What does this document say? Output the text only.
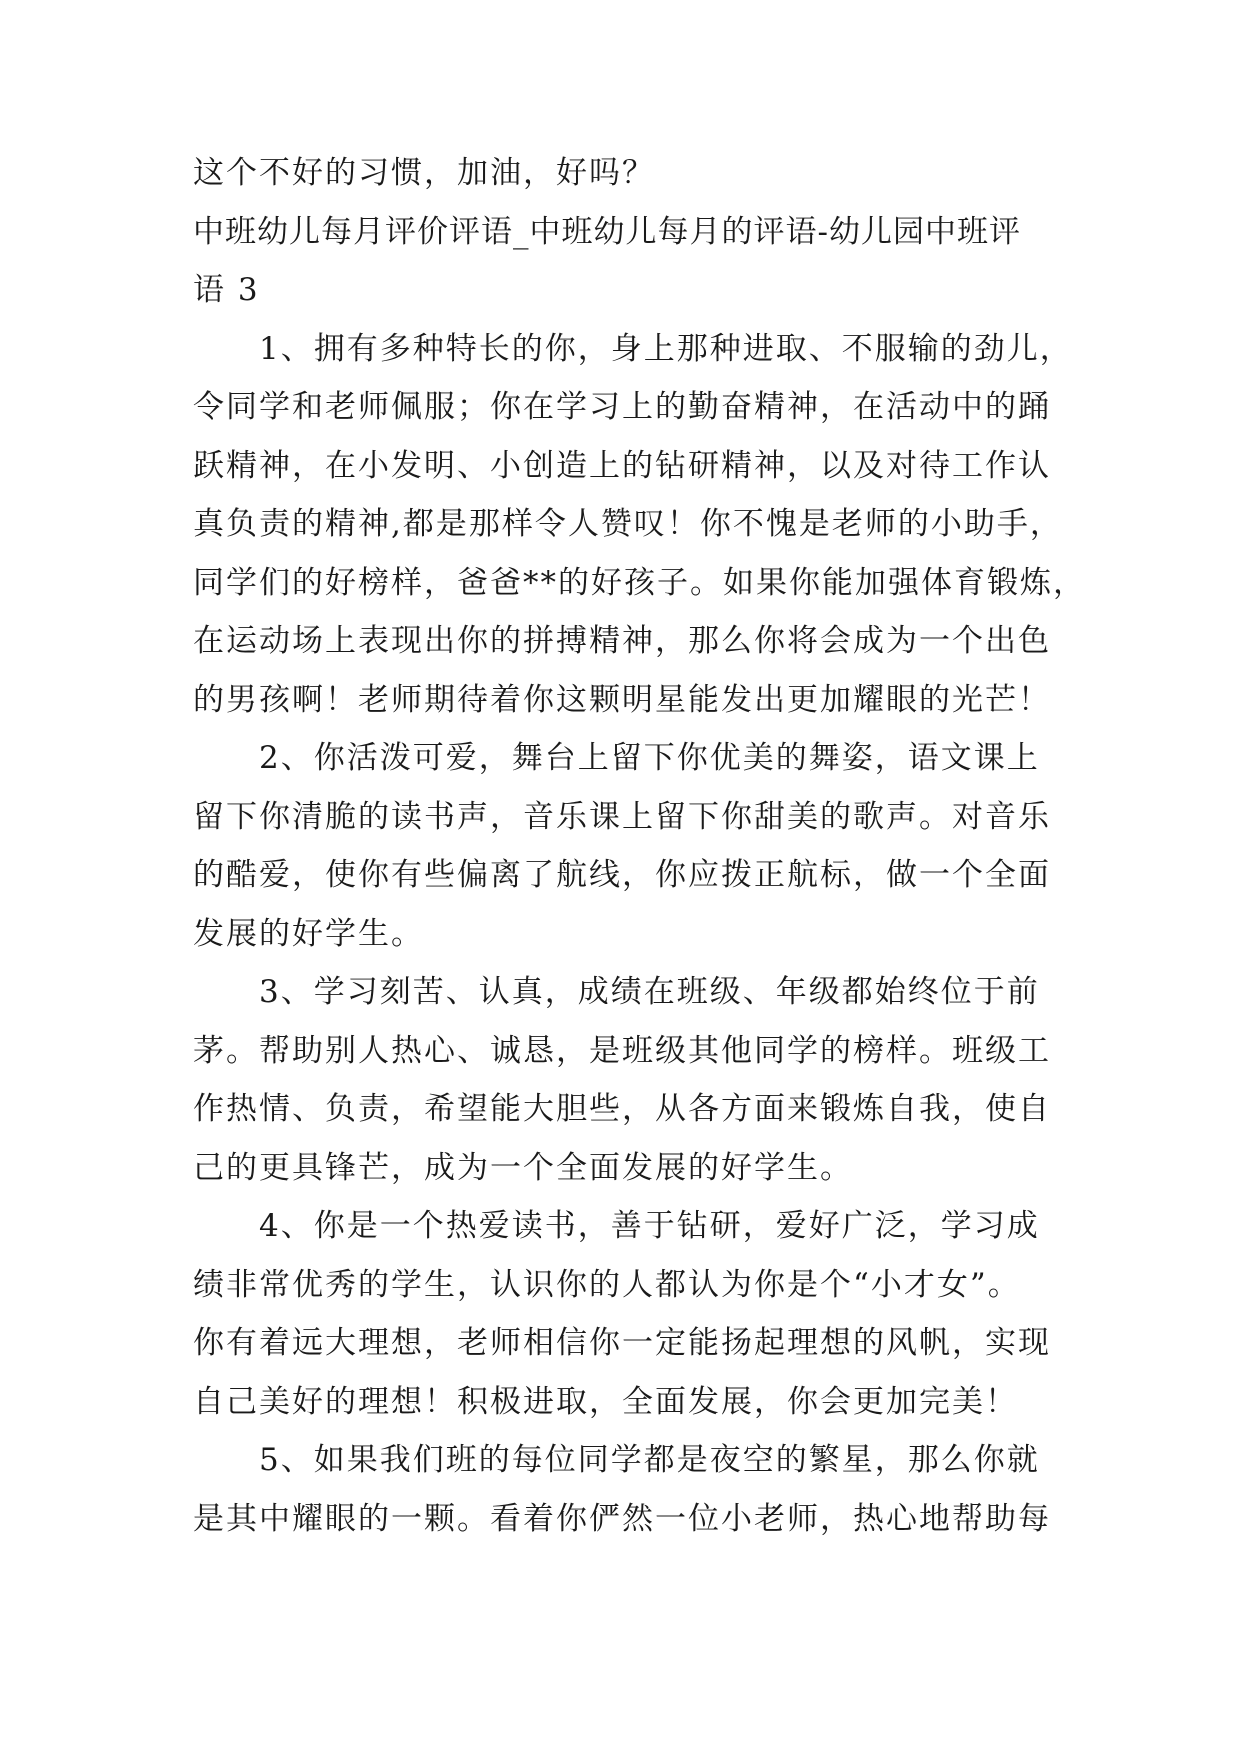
这个不好的习惯，加油，好吗？
中班幼儿每月评价评语_中班幼儿每月的评语-幼儿园中班评
语 3
　　1、拥有多种特长的你，身上那种进取、不服输的劲儿，
令同学和老师佩服；你在学习上的勤奋精神，在活动中的踊
跃精神，在小发明、小创造上的钻研精神，以及对待工作认
真负责的精神,都是那样令人赞叹！你不愧是老师的小助手，
同学们的好榜样，爸爸**的好孩子。如果你能加强体育锻炼，
在运动场上表现出你的拼搏精神，那么你将会成为一个出色
的男孩啊！老师期待着你这颗明星能发出更加耀眼的光芒！
　　2、你活泼可爱，舞台上留下你优美的舞姿，语文课上
留下你清脆的读书声，音乐课上留下你甜美的歌声。对音乐
的酷爱，使你有些偏离了航线，你应拨正航标，做一个全面
发展的好学生。
　　3、学习刻苦、认真，成绩在班级、年级都始终位于前
茅。帮助别人热心、诚恳，是班级其他同学的榜样。班级工
作热情、负责，希望能大胆些，从各方面来锻炼自我，使自
己的更具锋芒，成为一个全面发展的好学生。
　　4、你是一个热爱读书，善于钻研，爱好广泛，学习成
绩非常优秀的学生，认识你的人都认为你是个“小才女”。
你有着远大理想，老师相信你一定能扬起理想的风帆，实现
自己美好的理想！积极进取，全面发展，你会更加完美！
　　5、如果我们班的每位同学都是夜空的繁星，那么你就
是其中耀眼的一颗。看着你俨然一位小老师，热心地帮助每
